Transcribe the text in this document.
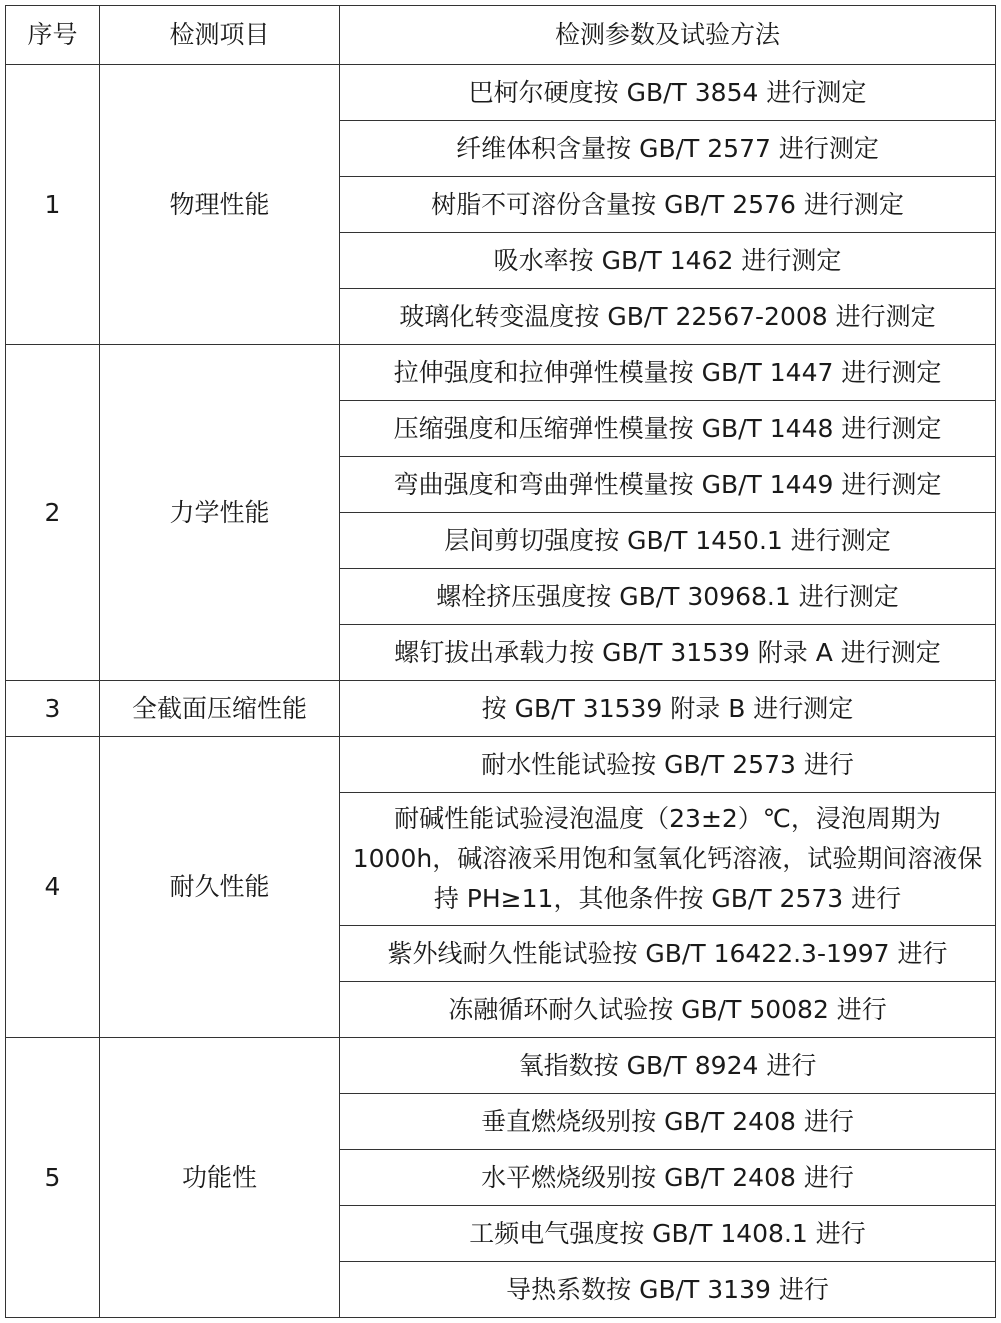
序号	检测项目	检测参数及试验方法
1	物理性能	巴柯尔硬度按 GB/T 3854 进行测定
		纤维体积含量按 GB/T 2577 进行测定
		树脂不可溶份含量按 GB/T 2576 进行测定
		吸水率按 GB/T 1462 进行测定
		玻璃化转变温度按 GB/T 22567-2008 进行测定
2	力学性能	拉伸强度和拉伸弹性模量按 GB/T 1447 进行测定
		压缩强度和压缩弹性模量按 GB/T 1448 进行测定
		弯曲强度和弯曲弹性模量按 GB/T 1449 进行测定
		层间剪切强度按 GB/T 1450.1 进行测定
		螺栓挤压强度按 GB/T 30968.1 进行测定
		螺钉拔出承载力按 GB/T 31539 附录 A 进行测定
3	全截面压缩性能	按 GB/T 31539 附录 B 进行测定
4	耐久性能	耐水性能试验按 GB/T 2573 进行
		耐碱性能试验浸泡温度（23±2）℃，浸泡周期为1000h，碱溶液采用饱和氢氧化钙溶液，试验期间溶液保持 PH≥11，其他条件按 GB/T 2573 进行
		紫外线耐久性能试验按 GB/T 16422.3-1997 进行
		冻融循环耐久试验按 GB/T 50082 进行
5	功能性	氧指数按 GB/T 8924 进行
		垂直燃烧级别按 GB/T 2408 进行
		水平燃烧级别按 GB/T 2408 进行
		工频电气强度按 GB/T 1408.1 进行
		导热系数按 GB/T 3139 进行
